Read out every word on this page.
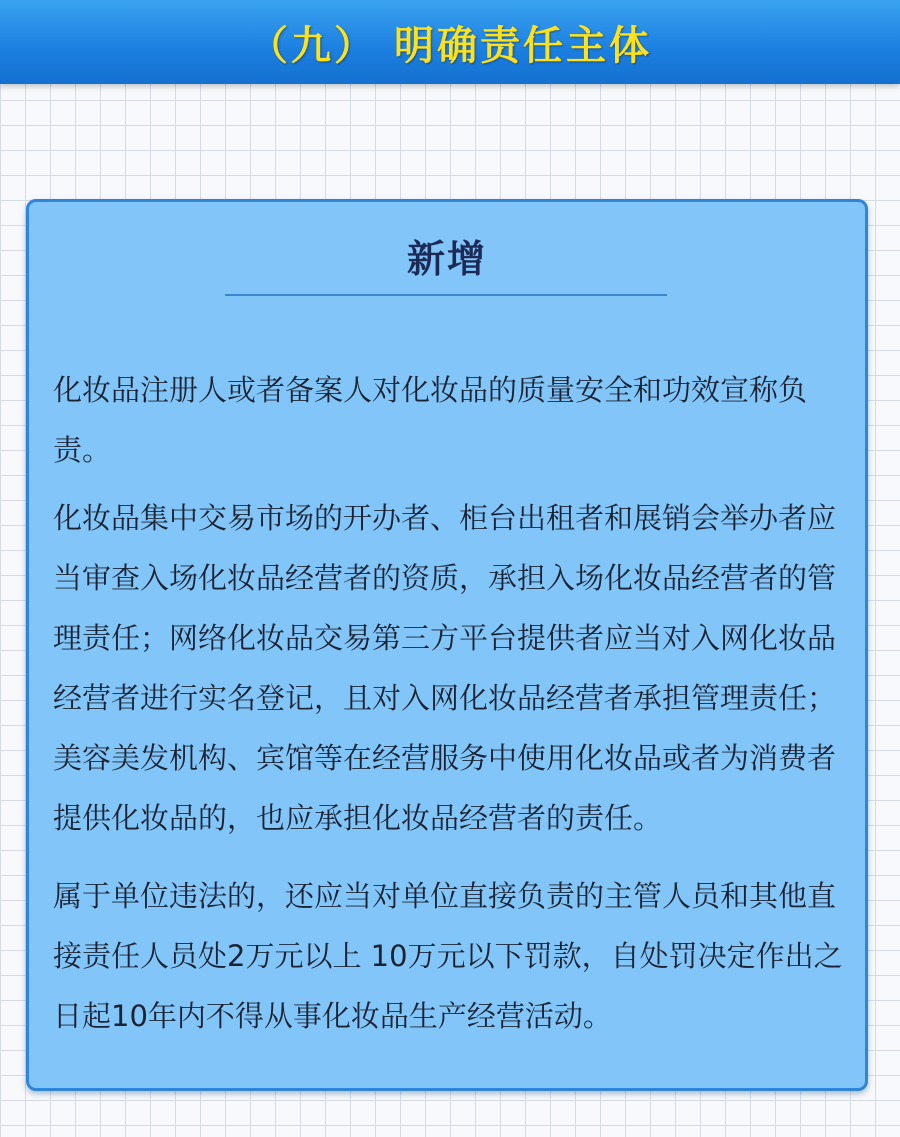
（九） 明确责任主体
新增

化妆品注册人或者备案人对化妆品的质量安全和功效宣称负责。

化妆品集中交易市场的开办者、柜台出租者和展销会举办者应当审查入场化妆品经营者的资质，承担入场化妆品经营者的管理责任；网络化妆品交易第三方平台提供者应当对入网化妆品经营者进行实名登记，且对入网化妆品经营者承担管理责任；美容美发机构、宾馆等在经营服务中使用化妆品或者为消费者提供化妆品的，也应承担化妆品经营者的责任。

属于单位违法的，还应当对单位直接负责的主管人员和其他直接责任人员处2万元以上 10万元以下罚款，自处罚决定作出之日起10年内不得从事化妆品生产经营活动。
